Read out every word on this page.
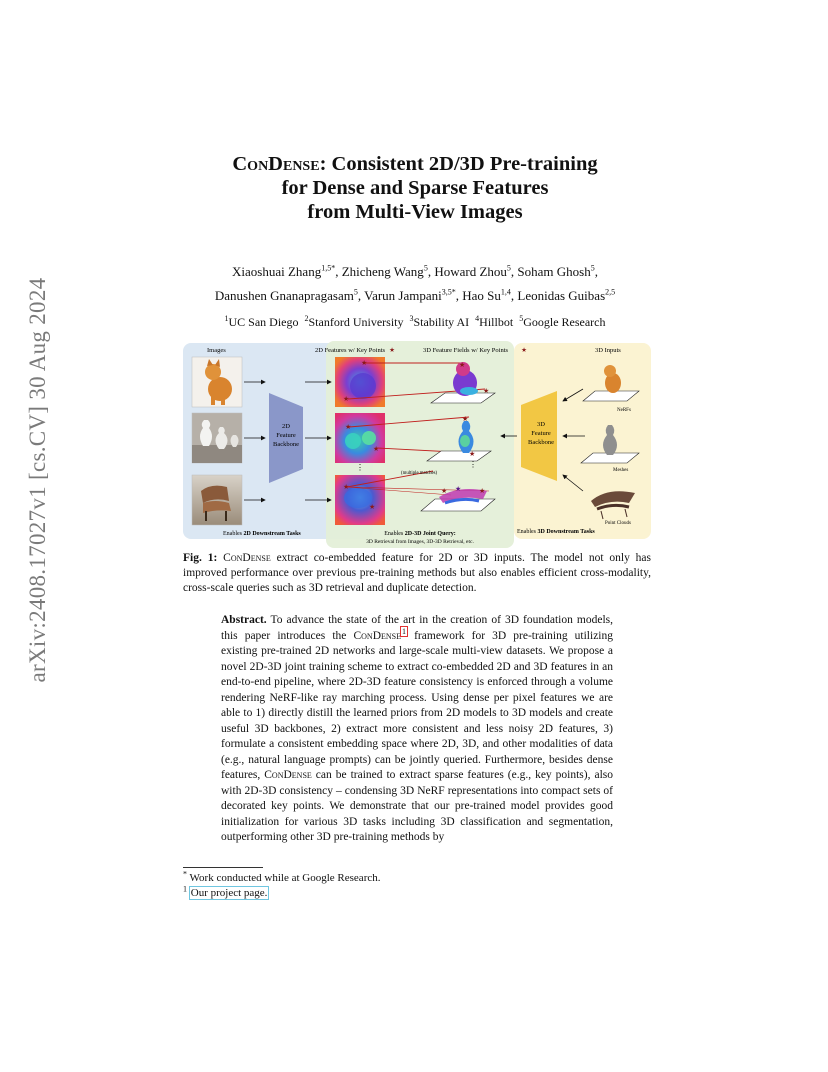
arXiv:2408.17027v1 [cs.CV] 30 Aug 2024
ConDense: Consistent 2D/3D Pre-training
for Dense and Sparse Features
from Multi-View Images
Xiaoshuai Zhang$^{1,5*}$, Zhicheng Wang$^5$, Howard Zhou$^5$, Soham Ghosh$^5$,
Danushen Gnanapragasam$^5$, Varun Jampani$^{3,5*}$, Hao Su$^{1,4}$, Leonidas Guibas$^{2,5}$
$^1$UC San Diego $^2$Stanford University $^3$Stability AI $^4$Hillbot $^5$Google Research
Images	2D Features w/ Key Points ★	3D Feature Fields w/ Key Points ★	3D Inputs
2D
Feature
Backbone
★
★
★
★
⋮
★
★
★
★
★
★
⋮
(multiple matches)
★ ★	★
3D
Feature
Backbone
NeRFs
Meshes
Point Clouds
Enables 2D Downstream Tasks	Enables 2D-3D Joint Query:
3D Retrieval from Images, 3D-3D Retrieval, etc.
Enables 3D Downstream Tasks
Fig. 1: ConDense extract co-embedded feature for 2D or 3D inputs. The model not only has improved performance over previous pre-training methods but also enables efficient cross-modality, cross-scale queries such as 3D retrieval and duplicate detection.
Abstract. To advance the state of the art in the creation of 3D foundation models, this paper introduces the ConDense$^1$ framework for 3D pre-training utilizing existing pre-trained 2D networks and large-scale multi-view datasets. We propose a novel 2D-3D joint training scheme to extract co-embedded 2D and 3D features in an end-to-end pipeline, where 2D-3D feature consistency is enforced through a volume rendering NeRF-like ray marching process. Using dense per pixel features we are able to 1) directly distill the learned priors from 2D models to 3D models and create useful 3D backbones, 2) extract more consistent and less noisy 2D features, 3) formulate a consistent embedding space where 2D, 3D, and other modalities of data (e.g., natural language prompts) can be jointly queried. Furthermore, besides dense features, ConDense can be trained to extract sparse features (e.g., key points), also with 2D-3D consistency – condensing 3D NeRF representations into compact sets of decorated key points. We demonstrate that our pre-trained model provides good initialization for various 3D tasks including 3D classification and segmentation, outperforming other 3D pre-training methods by
* Work conducted while at Google Research.
$^1$ Our project page.
